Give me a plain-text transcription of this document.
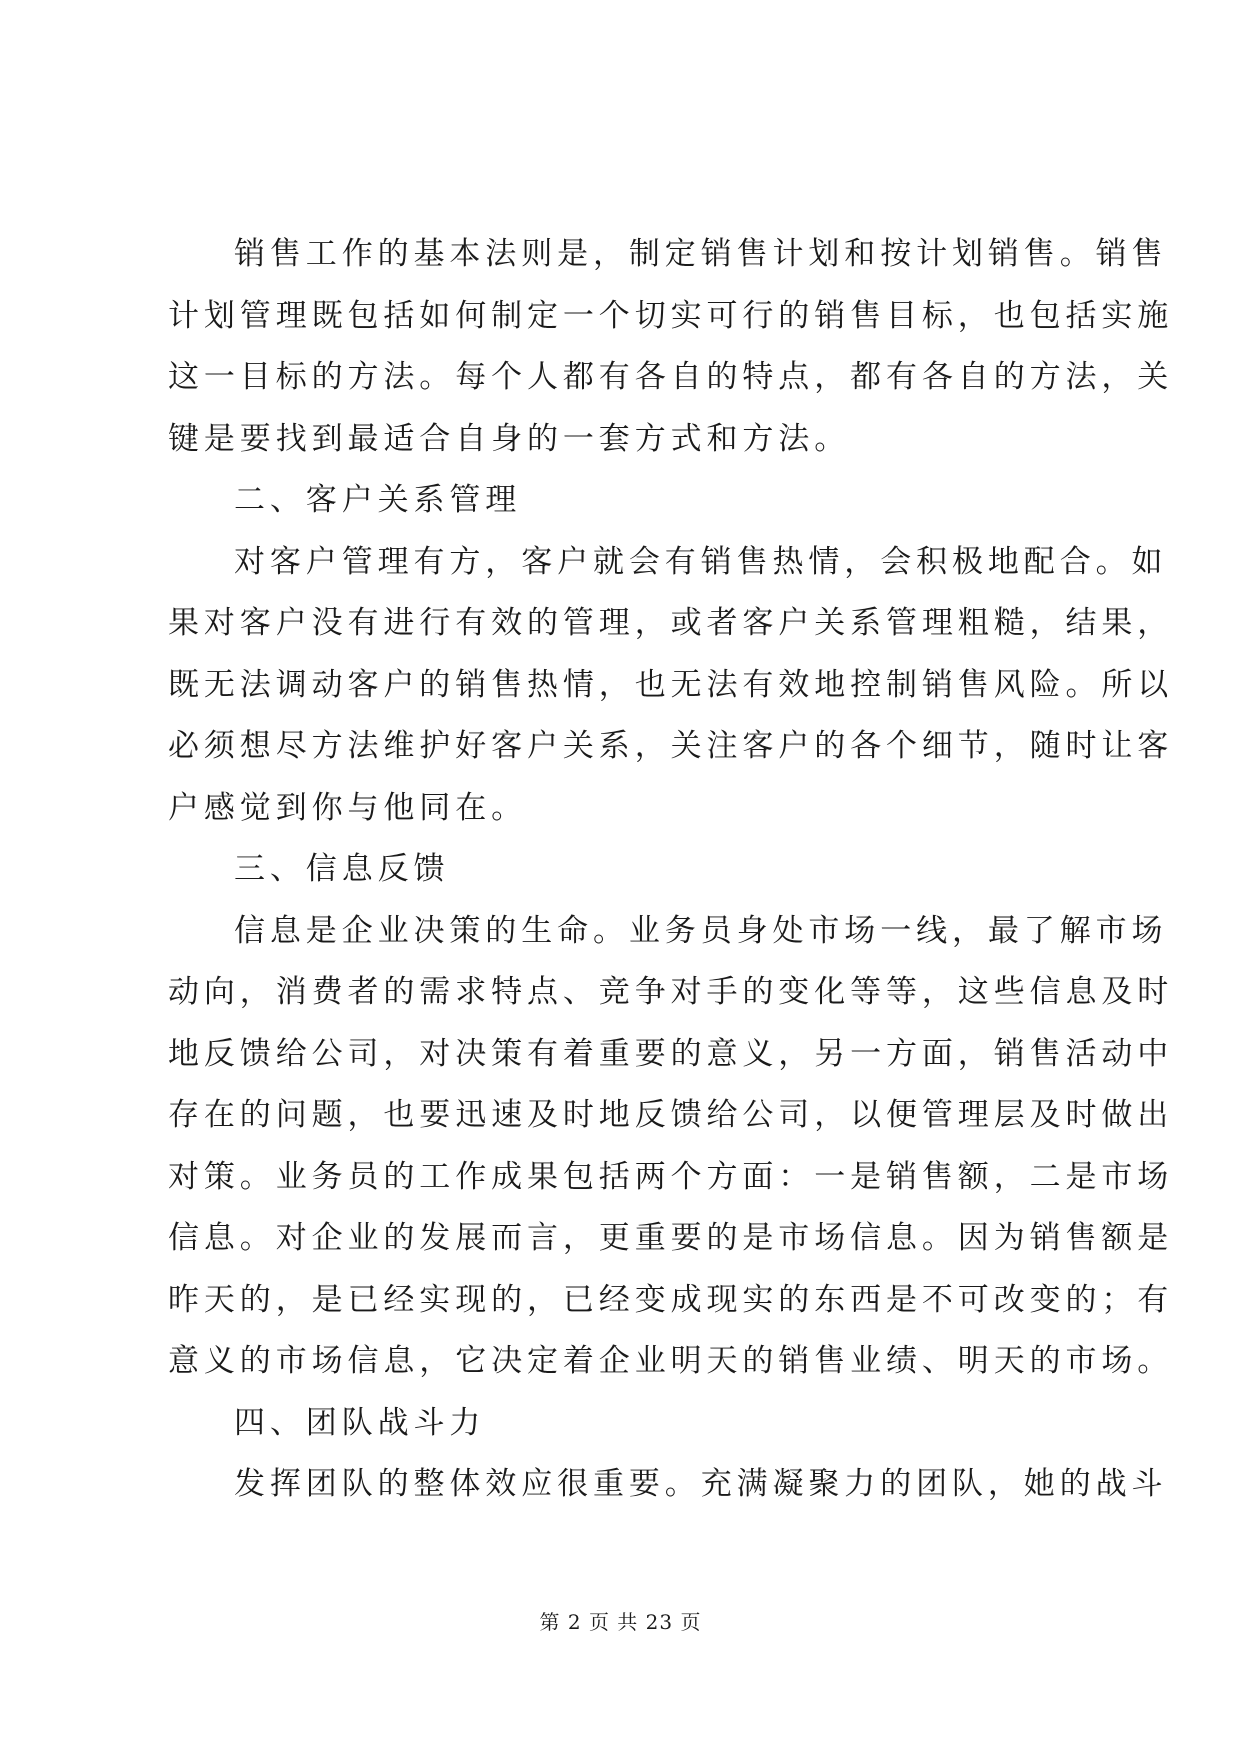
销售工作的基本法则是，制定销售计划和按计划销售。销售

计划管理既包括如何制定一个切实可行的销售目标，也包括实施

这一目标的方法。每个人都有各自的特点，都有各自的方法，关

键是要找到最适合自身的一套方式和方法。

二、客户关系管理

对客户管理有方，客户就会有销售热情，会积极地配合。如

果对客户没有进行有效的管理，或者客户关系管理粗糙，结果，

既无法调动客户的销售热情，也无法有效地控制销售风险。所以

必须想尽方法维护好客户关系，关注客户的各个细节，随时让客

户感觉到你与他同在。

三、信息反馈

信息是企业决策的生命。业务员身处市场一线，最了解市场

动向，消费者的需求特点、竞争对手的变化等等，这些信息及时

地反馈给公司，对决策有着重要的意义，另一方面，销售活动中

存在的问题，也要迅速及时地反馈给公司，以便管理层及时做出

对策。业务员的工作成果包括两个方面：一是销售额，二是市场

信息。对企业的发展而言，更重要的是市场信息。因为销售额是

昨天的，是已经实现的，已经变成现实的东西是不可改变的；有

意义的市场信息，它决定着企业明天的销售业绩、明天的市场。

四、团队战斗力

发挥团队的整体效应很重要。充满凝聚力的团队，她的战斗

第 2 页 共 23 页
